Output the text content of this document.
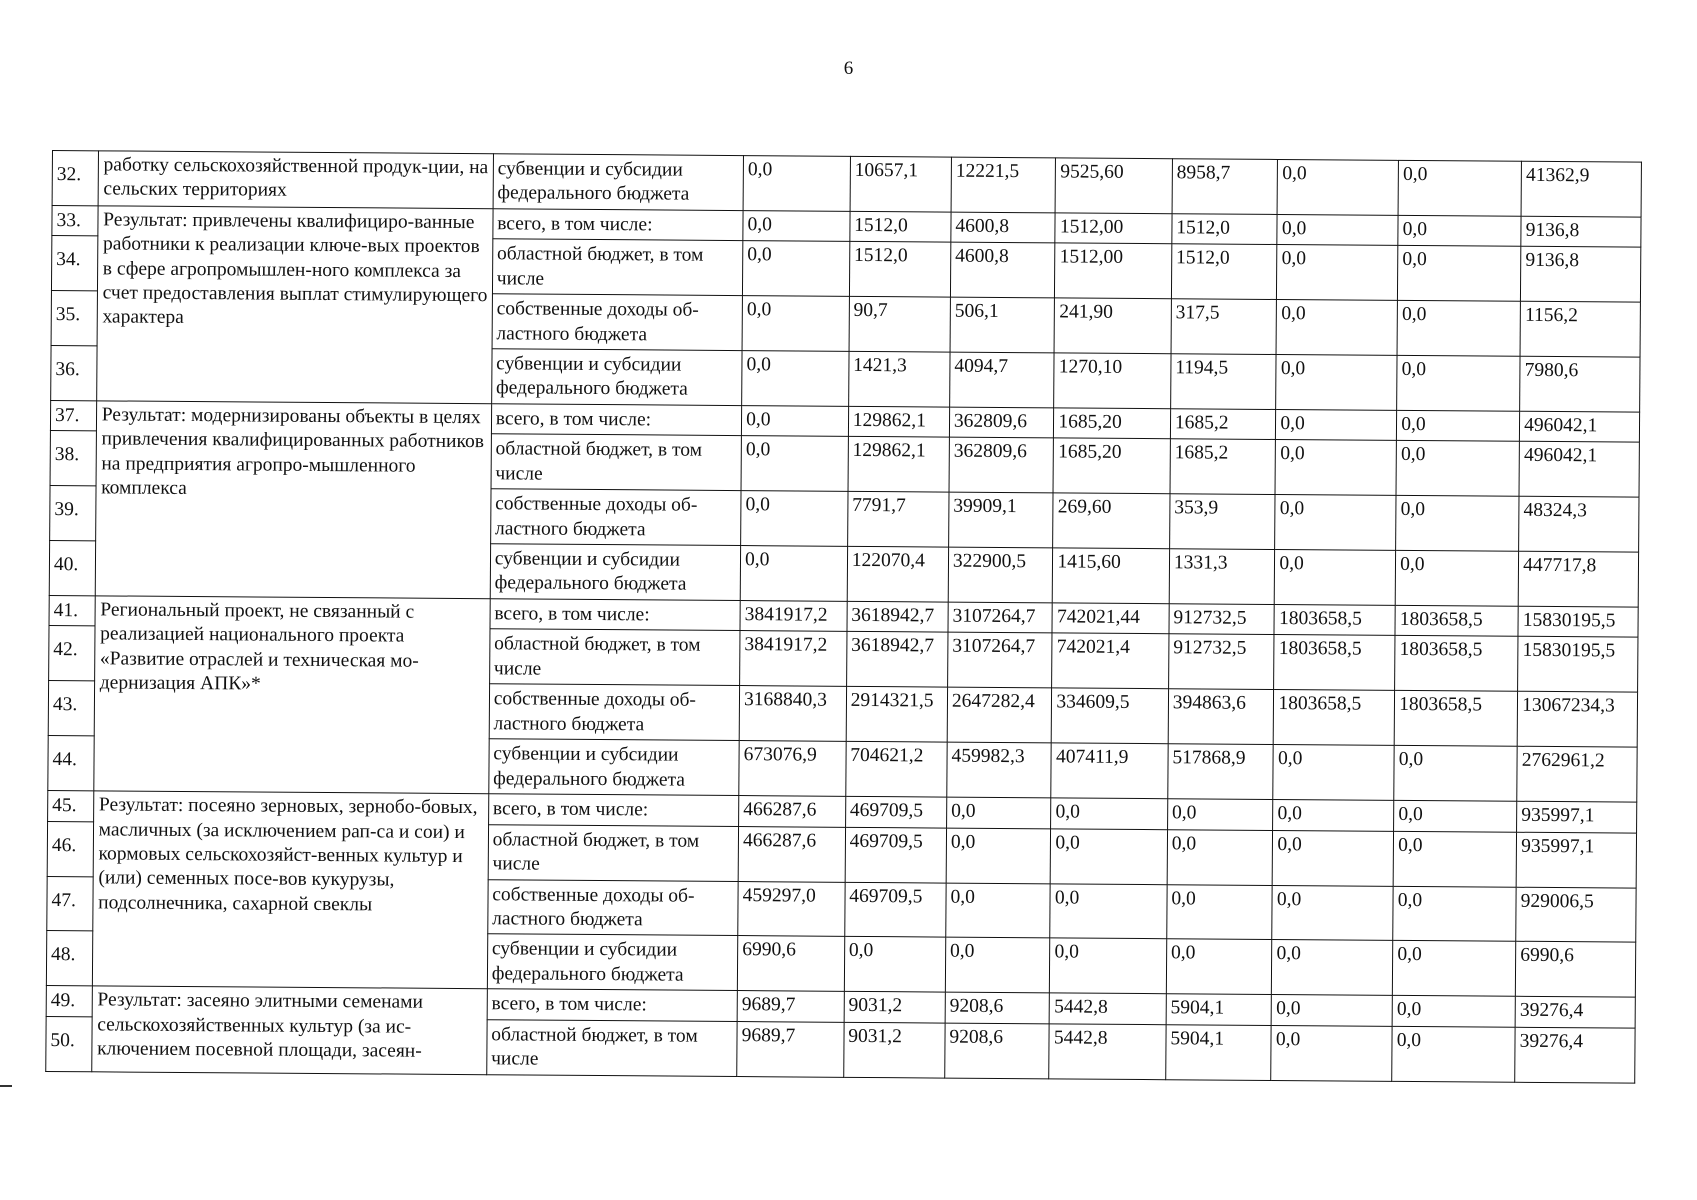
6
32.	работку сельскохозяйственной продук-ции, на сельских территориях	субвенции и субсидии федерального бюджета	0,0	10657,1	12221,5	9525,60	8958,7	0,0	0,0	41362,9
33.	Результат: привлечены квалифициро-ванные работники к реализации ключе-вых проектов в сфере агропромышлен-ного комплекса за счет предоставления выплат стимулирующего характера	всего, в том числе:	0,0	1512,0	4600,8	1512,00	1512,0	0,0	0,0	9136,8
34.		областной бюджет, в том числе	0,0	1512,0	4600,8	1512,00	1512,0	0,0	0,0	9136,8
35.		собственные доходы об-ластного бюджета	0,0	90,7	506,1	241,90	317,5	0,0	0,0	1156,2
36.		субвенции и субсидии федерального бюджета	0,0	1421,3	4094,7	1270,10	1194,5	0,0	0,0	7980,6
37.	Результат: модернизированы объекты в целях привлечения квалифицированных работников на предприятия агропро-мышленного комплекса	всего, в том числе:	0,0	129862,1	362809,6	1685,20	1685,2	0,0	0,0	496042,1
38.		областной бюджет, в том числе	0,0	129862,1	362809,6	1685,20	1685,2	0,0	0,0	496042,1
39.		собственные доходы об-ластного бюджета	0,0	7791,7	39909,1	269,60	353,9	0,0	0,0	48324,3
40.		субвенции и субсидии федерального бюджета	0,0	122070,4	322900,5	1415,60	1331,3	0,0	0,0	447717,8
41.	Региональный проект, не связанный с реализацией национального проекта «Развитие отраслей и техническая мо-дернизация АПК»*	всего, в том числе:	3841917,2	3618942,7	3107264,7	742021,44	912732,5	1803658,5	1803658,5	15830195,5
42.		областной бюджет, в том числе	3841917,2	3618942,7	3107264,7	742021,4	912732,5	1803658,5	1803658,5	15830195,5
43.		собственные доходы об-ластного бюджета	3168840,3	2914321,5	2647282,4	334609,5	394863,6	1803658,5	1803658,5	13067234,3
44.		субвенции и субсидии федерального бюджета	673076,9	704621,2	459982,3	407411,9	517868,9	0,0	0,0	2762961,2
45.	Результат: посеяно зерновых, зернобо-бовых, масличных (за исключением рап-са и сои) и кормовых сельскохозяйст-венных культур и (или) семенных посе-вов кукурузы, подсолнечника, сахарной свеклы	всего, в том числе:	466287,6	469709,5	0,0	0,0	0,0	0,0	0,0	935997,1
46.		областной бюджет, в том числе	466287,6	469709,5	0,0	0,0	0,0	0,0	0,0	935997,1
47.		собственные доходы об-ластного бюджета	459297,0	469709,5	0,0	0,0	0,0	0,0	0,0	929006,5
48.		субвенции и субсидии федерального бюджета	6990,6	0,0	0,0	0,0	0,0	0,0	0,0	6990,6
49.	Результат: засеяно элитными семенами сельскохозяйственных культур (за ис-ключением посевной площади, засеян-	всего, в том числе:	9689,7	9031,2	9208,6	5442,8	5904,1	0,0	0,0	39276,4
50.		областной бюджет, в том числе	9689,7	9031,2	9208,6	5442,8	5904,1	0,0	0,0	39276,4
